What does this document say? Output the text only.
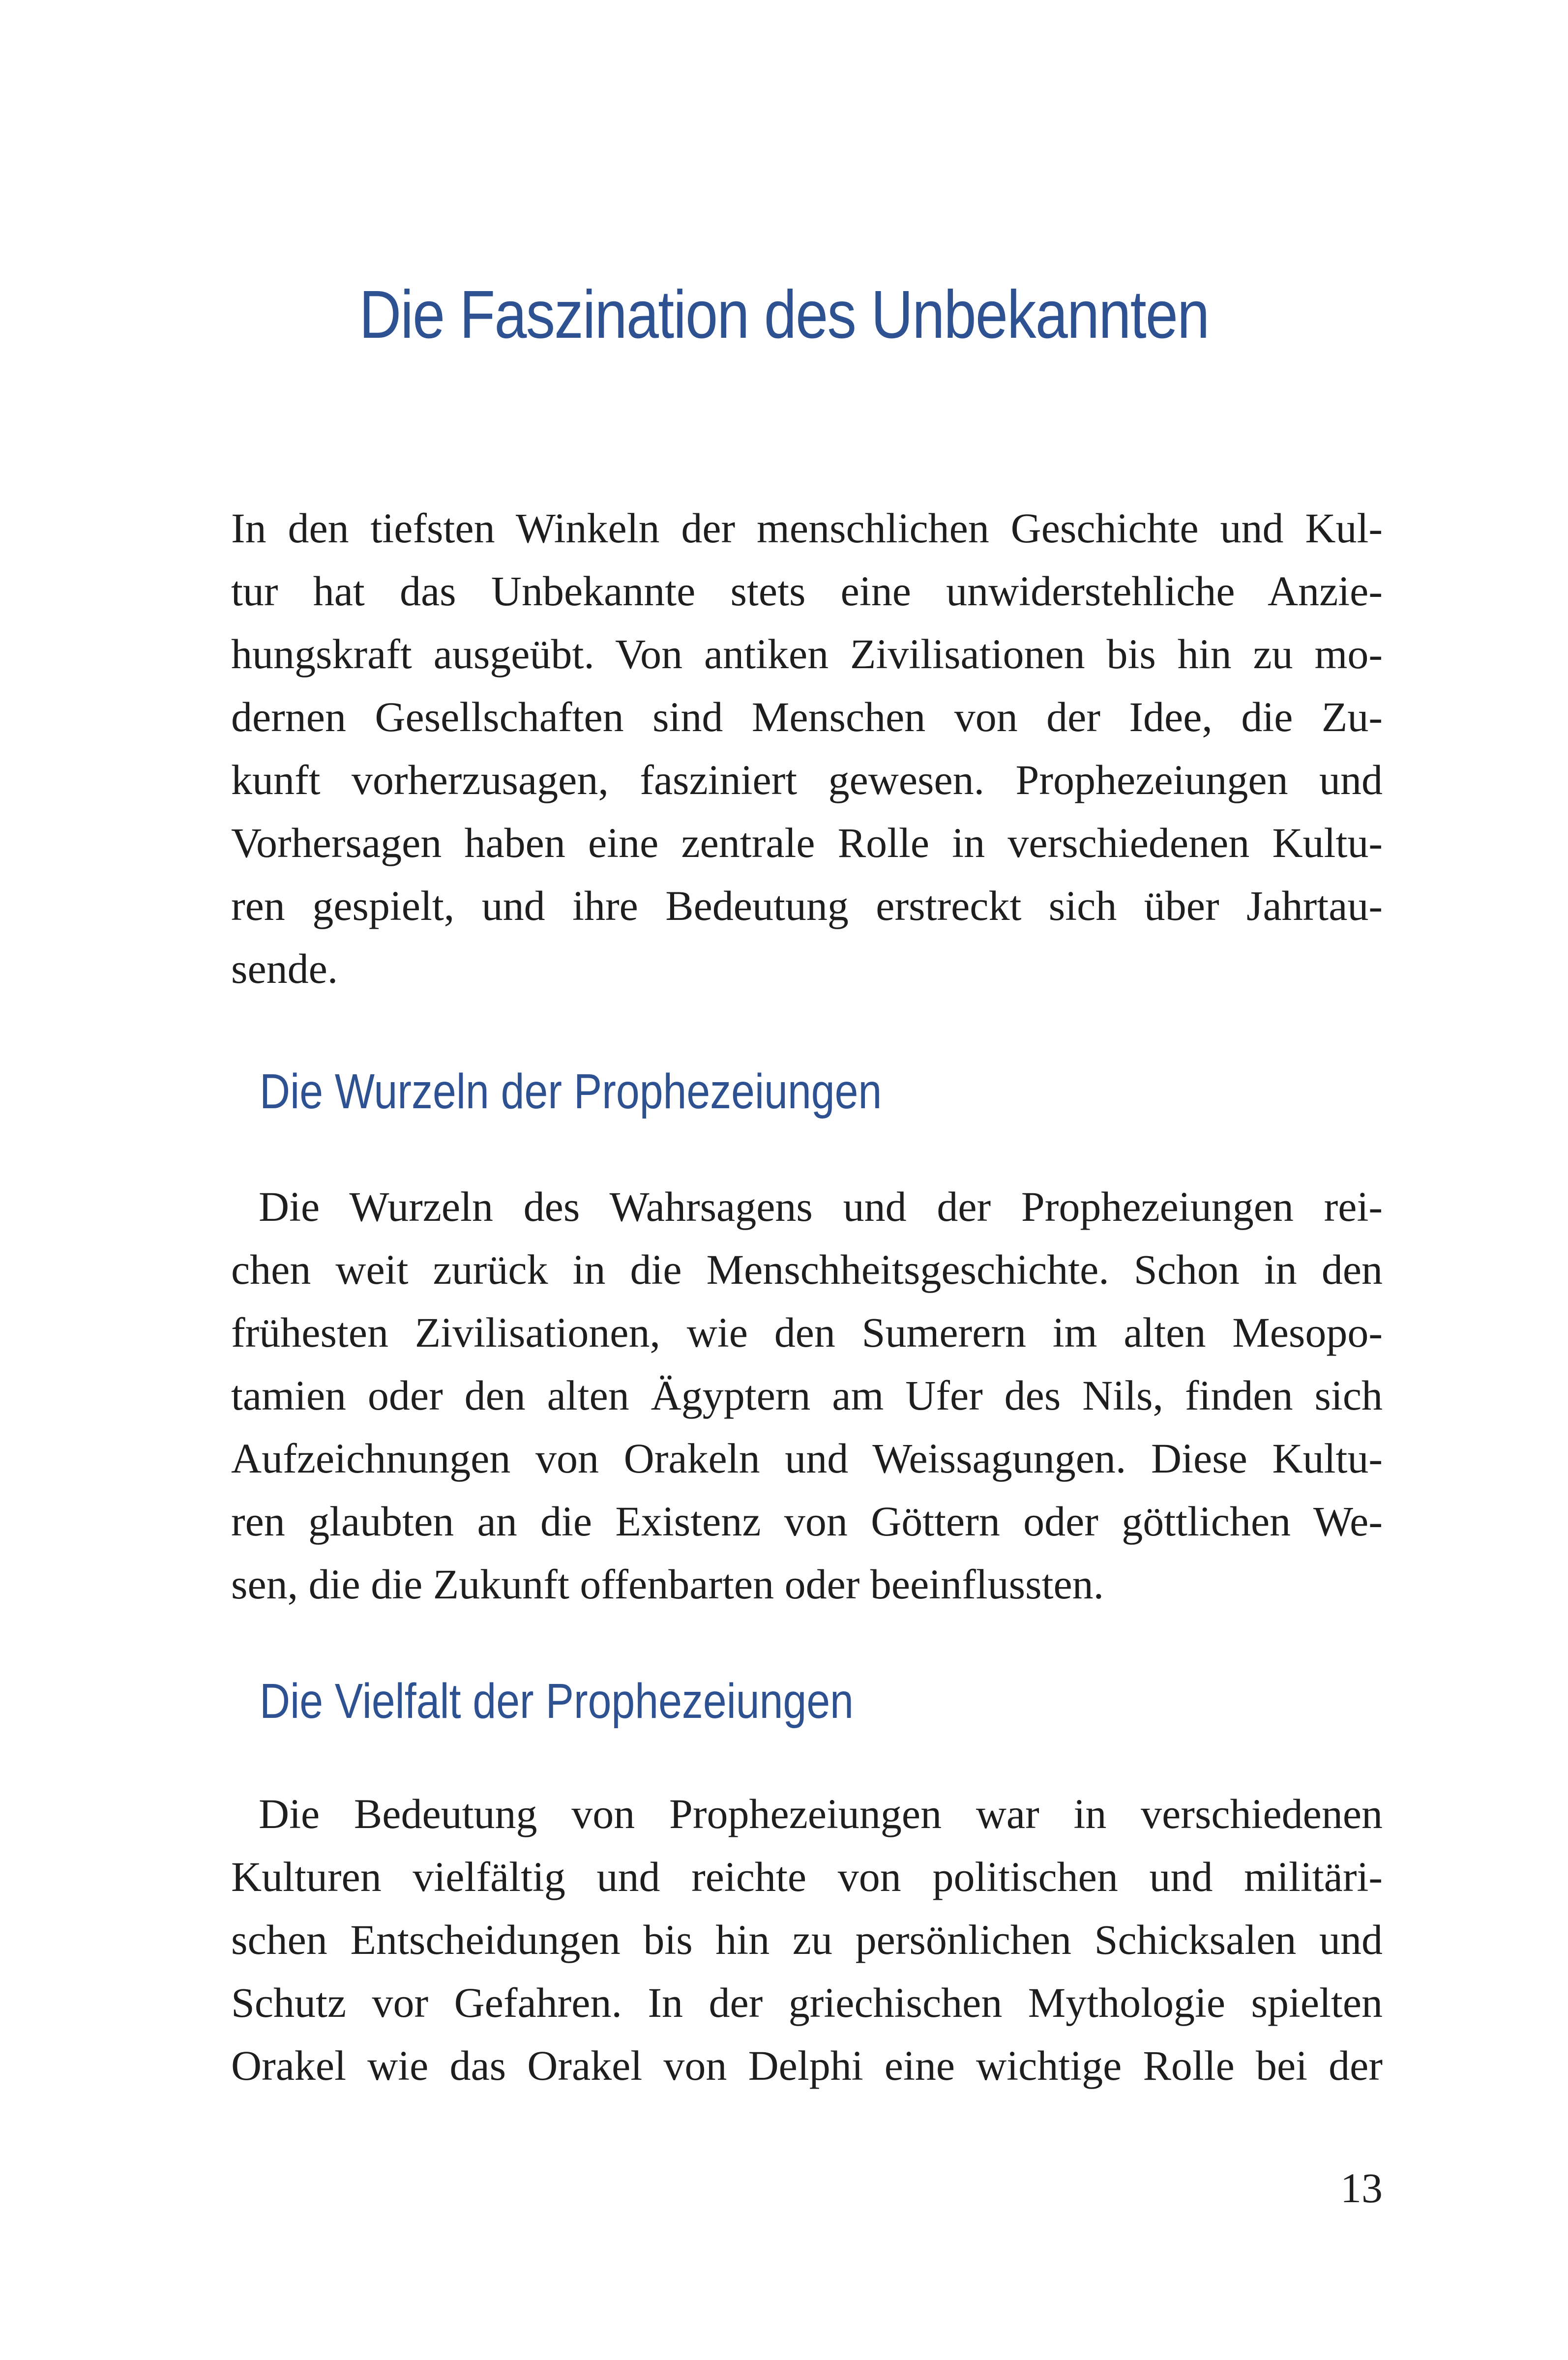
Die Faszination des Unbekannten

In den tiefsten Winkeln der menschlichen Geschichte und Kul-
tur hat das Unbekannte stets eine unwiderstehliche Anzie-
hungskraft ausgeübt. Von antiken Zivilisationen bis hin zu mo-
dernen Gesellschaften sind Menschen von der Idee, die Zu-
kunft vorherzusagen, fasziniert gewesen. Prophezeiungen und
Vorhersagen haben eine zentrale Rolle in verschiedenen Kultu-
ren gespielt, und ihre Bedeutung erstreckt sich über Jahrtau-
sende.

Die Wurzeln der Prophezeiungen

Die Wurzeln des Wahrsagens und der Prophezeiungen rei-
chen weit zurück in die Menschheitsgeschichte. Schon in den
frühesten Zivilisationen, wie den Sumerern im alten Mesopo-
tamien oder den alten Ägyptern am Ufer des Nils, finden sich
Aufzeichnungen von Orakeln und Weissagungen. Diese Kultu-
ren glaubten an die Existenz von Göttern oder göttlichen We-
sen, die die Zukunft offenbarten oder beeinflussten.

Die Vielfalt der Prophezeiungen

Die Bedeutung von Prophezeiungen war in verschiedenen
Kulturen vielfältig und reichte von politischen und militäri-
schen Entscheidungen bis hin zu persönlichen Schicksalen und
Schutz vor Gefahren. In der griechischen Mythologie spielten
Orakel wie das Orakel von Delphi eine wichtige Rolle bei der

13
